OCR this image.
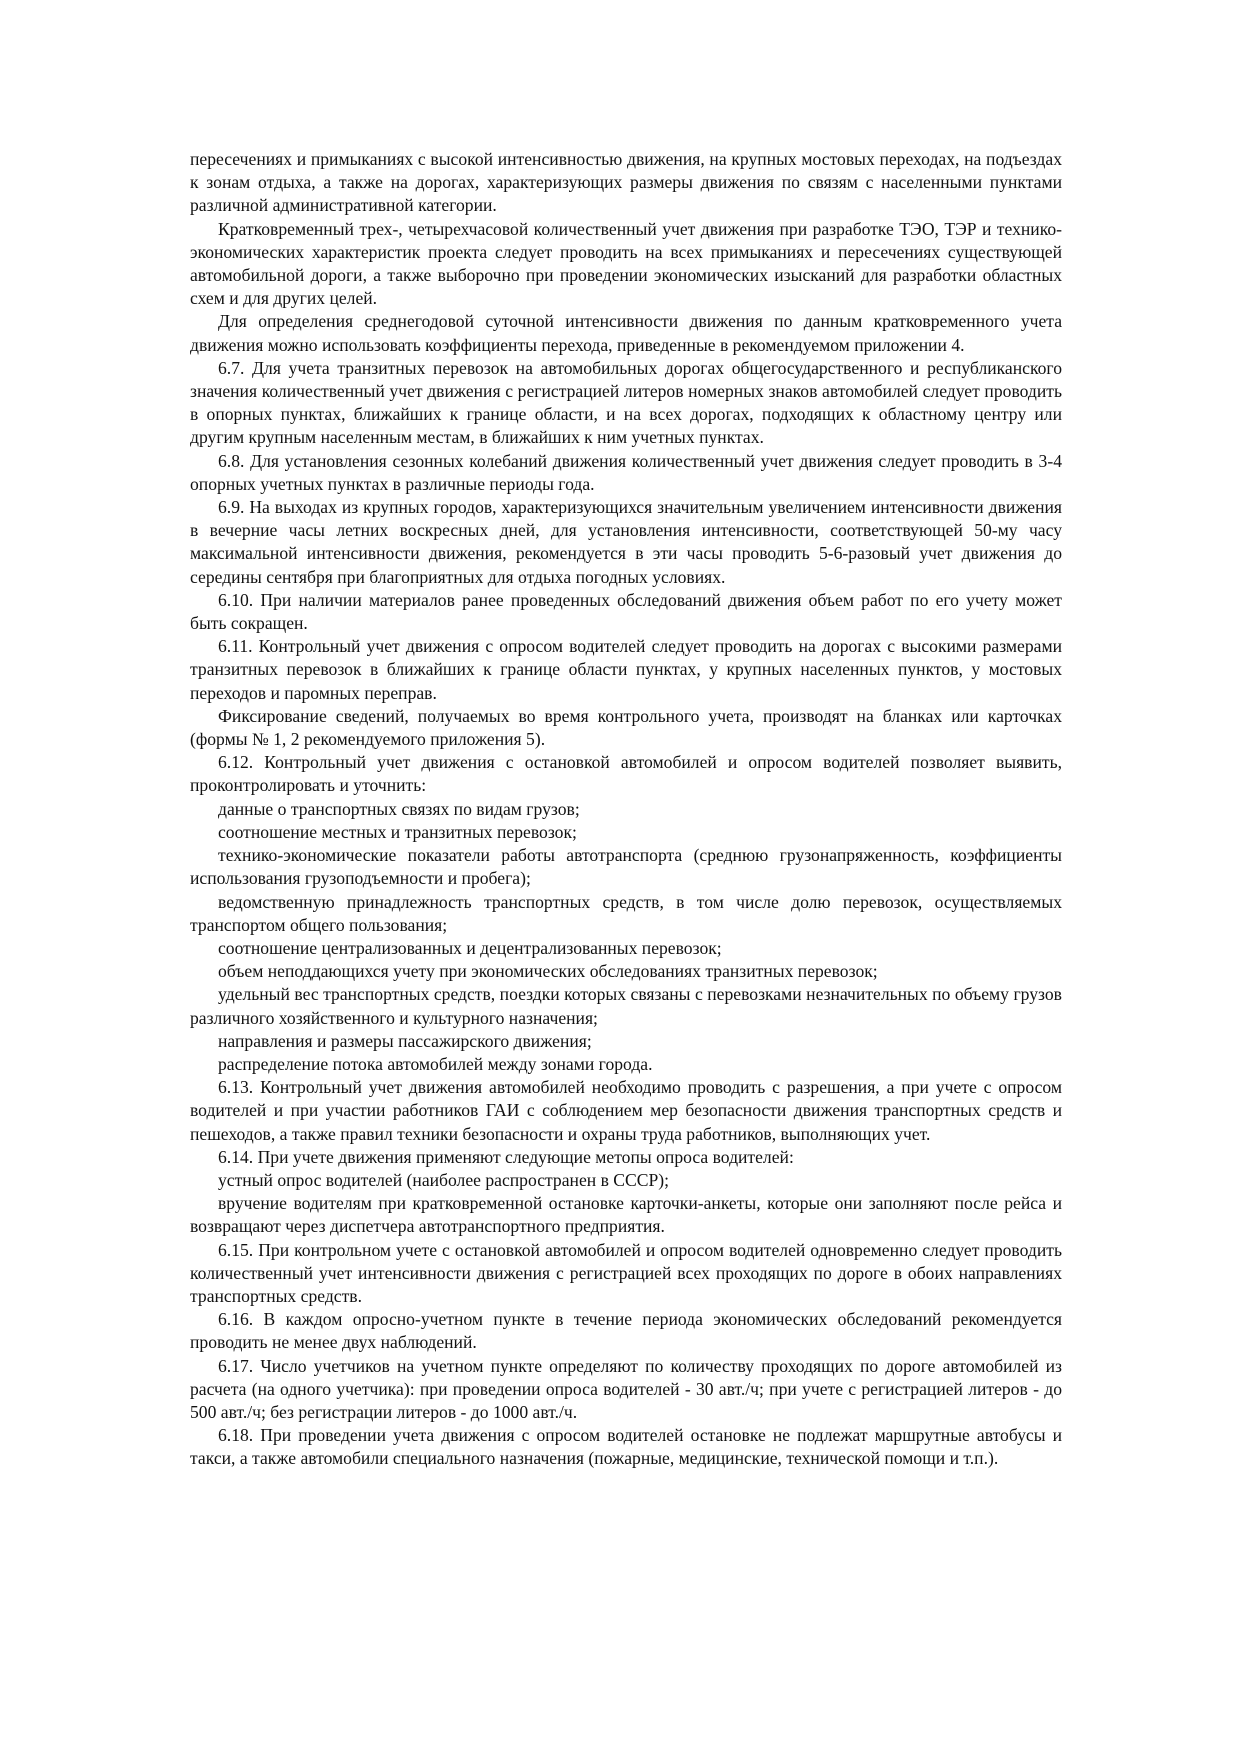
пересечениях и примыканиях с высокой интенсивностью движения, на крупных мостовых переходах, на подъездах к зонам отдыха, а также на дорогах, характеризующих размеры движения по связям с населенными пунктами различной административной категории.

Кратковременный трех-, четырехчасовой количественный учет движения при разработке ТЭО, ТЭР и технико-экономических характеристик проекта следует проводить на всех примыканиях и пересечениях существующей автомобильной дороги, а также выборочно при проведении экономических изысканий для разработки областных схем и для других целей.

Для определения среднегодовой суточной интенсивности движения по данным кратковременного учета движения можно использовать коэффициенты перехода, приведенные в рекомендуемом приложении 4.

6.7. Для учета транзитных перевозок на автомобильных дорогах общегосударственного и республиканского значения количественный учет движения с регистрацией литеров номерных знаков автомобилей следует проводить в опорных пунктах, ближайших к границе области, и на всех дорогах, подходящих к областному центру или другим крупным населенным местам, в ближайших к ним учетных пунктах.

6.8. Для установления сезонных колебаний движения количественный учет движения следует проводить в 3-4 опорных учетных пунктах в различные периоды года.

6.9. На выходах из крупных городов, характеризующихся значительным увеличением интенсивности движения в вечерние часы летних воскресных дней, для установления интенсивности, соответствующей 50-му часу максимальной интенсивности движения, рекомендуется в эти часы проводить 5-6-разовый учет движения до середины сентября при благоприятных для отдыха погодных условиях.

6.10. При наличии материалов ранее проведенных обследований движения объем работ по его учету может быть сокращен.

6.11. Контрольный учет движения с опросом водителей следует проводить на дорогах с высокими размерами транзитных перевозок в ближайших к границе области пунктах, у крупных населенных пунктов, у мостовых переходов и паромных переправ.

Фиксирование сведений, получаемых во время контрольного учета, производят на бланках или карточках (формы № 1, 2 рекомендуемого приложения 5).

6.12. Контрольный учет движения с остановкой автомобилей и опросом водителей позволяет выявить, проконтролировать и уточнить:

данные о транспортных связях по видам грузов;

соотношение местных и транзитных перевозок;

технико-экономические показатели работы автотранспорта (среднюю грузонапряженность, коэффициенты использования грузоподъемности и пробега);

ведомственную принадлежность транспортных средств, в том числе долю перевозок, осуществляемых транспортом общего пользования;

соотношение централизованных и децентрализованных перевозок;

объем неподдающихся учету при экономических обследованиях транзитных перевозок;

удельный вес транспортных средств, поездки которых связаны с перевозками незначительных по объему грузов различного хозяйственного и культурного назначения;

направления и размеры пассажирского движения;

распределение потока автомобилей между зонами города.

6.13. Контрольный учет движения автомобилей необходимо проводить с разрешения, а при учете с опросом водителей и при участии работников ГАИ с соблюдением мер безопасности движения транспортных средств и пешеходов, а также правил техники безопасности и охраны труда работников, выполняющих учет.

6.14. При учете движения применяют следующие метопы опроса водителей:

устный опрос водителей (наиболее распространен в СССР);

вручение водителям при кратковременной остановке карточки-анкеты, которые они заполняют после рейса и возвращают через диспетчера автотранспортного предприятия.

6.15. При контрольном учете с остановкой автомобилей и опросом водителей одновременно следует проводить количественный учет интенсивности движения с регистрацией всех проходящих по дороге в обоих направлениях транспортных средств.

6.16. В каждом опросно-учетном пункте в течение периода экономических обследований рекомендуется проводить не менее двух наблюдений.

6.17. Число учетчиков на учетном пункте определяют по количеству проходящих по дороге автомобилей из расчета (на одного учетчика): при проведении опроса водителей - 30 авт./ч; при учете с регистрацией литеров - до 500 авт./ч; без регистрации литеров - до 1000 авт./ч.

6.18. При проведении учета движения с опросом водителей остановке не подлежат маршрутные автобусы и такси, а также автомобили специального назначения (пожарные, медицинские, технической помощи и т.п.).
